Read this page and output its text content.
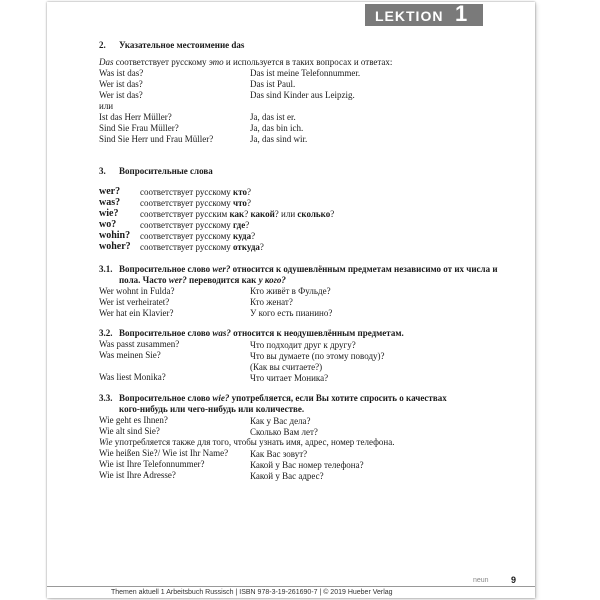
LEKTION 1
2. Указательное местоимение das
Das соответствует русскому это и используется в таких вопросах и ответах:
Was ist das?	Das ist meine Telefonnummer.
Wer ist das?	Das ist Paul.
Wer ist das?	Das sind Kinder aus Leipzig.
или
Ist das Herr Müller?	Ja, das ist er.
Sind Sie Frau Müller?	Ja, das bin ich.
Sind Sie Herr und Frau Müller?	Ja, das sind wir.
3. Вопросительные слова
wer? соответствует русскому кто?
was? соответствует русскому что?
wie? соответствует русским как? какой? или сколько?
wo?	соответствует русскому где?
wohin? соответствует русскому куда?
woher? соответствует русскому откуда?
3.1. Вопросительное слово wer? относится к одушевлённым предметам независимо от их числа и
пола. Часто wer? переводится как у кого?
Wer wohnt in Fulda?	Кто живёт в Фульде?
Wer ist verheiratet?	Кто женат?
Wer hat ein Klavier?	У кого есть пианино?
3.2. Вопросительное слово was? относится к неодушевлённым предметам.
Was passt zusammen?	Что подходит друг к другу?
Was meinen Sie?	Что вы думаете (по этому поводу)?
(Как вы считаете?)
Was liest Monika?	Что читает Моника?
3.3. Вопросительное слово wie? употребляется, если Вы хотите спросить о качествах
кого-нибудь или чего-нибудь или количестве.
Wie geht es Ihnen?	Как у Вас дела?
Wie alt sind Sie?	Сколько Вам лет?
Wie употребляется также для того, чтобы узнать имя, адрес, номер телефона.
Wie heißen Sie?/ Wie ist Ihr Name? Как Вас зовут?
Wie ist Ihre Telefonnummer?	Какой у Вас номер телефона?
Wie ist Ihre Adresse?	Какой у Вас адрес?
neun 9
Themen aktuell 1 Arbeitsbuch Russisch | ISBN 978-3-19-261690-7 | © 2019 Hueber Verlag
